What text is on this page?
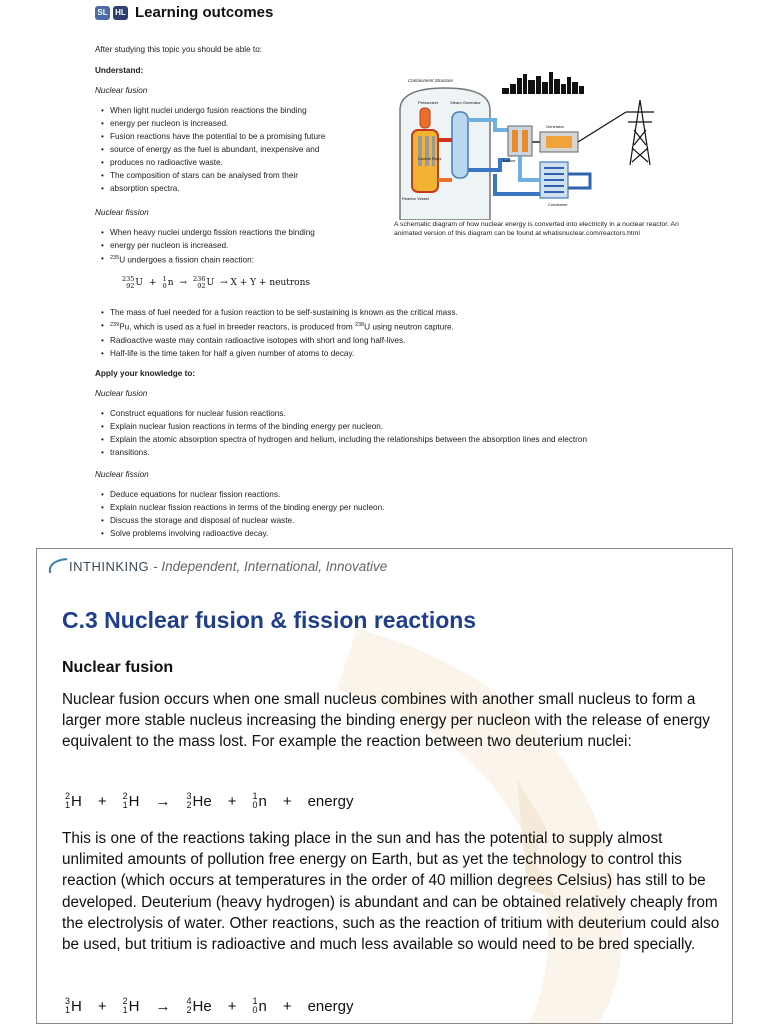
SL HL Learning outcomes
After studying this topic you should be able to:
Understand:
Nuclear fusion
• When light nuclei undergo fusion reactions the binding
• energy per nucleon is increased.
• Fusion reactions have the potential to be a promising future
• source of energy as the fuel is abundant, inexpensive and
• produces no radioactive waste.
• The composition of stars can be analysed from their
• absorption spectra.
Nuclear fission
• When heavy nuclei undergo fission reactions the binding
• energy per nucleon is increased.
• $^{235}$U undergoes a fission chain reaction:
235
92 U + 1
0 n → 236
92 U → X + Y + neutrons
• The mass of fuel needed for a fusion reaction to be self-sustaining is known as the critical mass.
• $^{239}$Pu, which is used as a fuel in breeder reactors, is produced from $^{238}$U using neutron capture.
• Radioactive waste may contain radioactive isotopes with short and long half-lives.
• Half-life is the time taken for half a given number of atoms to decay.
Apply your knowledge to:
Nuclear fusion
• Construct equations for nuclear fusion reactions.
• Explain nuclear fusion reactions in terms of the binding energy per nucleon.
• Explain the atomic absorption spectra of hydrogen and helium, including the relationships between the absorption lines and electron
• transitions.
Nuclear fission
• Deduce equations for nuclear fission reactions.
• Explain nuclear fission reactions in terms of the binding energy per nucleon.
• Discuss the storage and disposal of nuclear waste.
• Solve problems involving radioactive decay.
Containment Structure
Pressurizer	Steam Generator
Generator
Turbine
Control Rods
Reactor Vessel
Condenser
A schematic diagram of how nuclear energy is converted into electricity in a nuclear reactor. An animated version of this diagram can be found at whatisnuclear.com/reactors.html
INTHINKING - Independent, International, Innovative
C.3 Nuclear fusion & fission reactions
Nuclear fusion
Nuclear fusion occurs when one small nucleus combines with another small nucleus to form a larger more stable nucleus increasing the binding energy per nucleon with the release of energy equivalent to the mass lost. For example the reaction between two deuterium nuclei:
2
1 H + 2
1 H → 3
2 He + 1
0 n + energy
This is one of the reactions taking place in the sun and has the potential to supply almost unlimited amounts of pollution free energy on Earth, but as yet the technology to control this reaction (which occurs at temperatures in the order of 40 million degrees Celsius) has still to be developed. Deuterium (heavy hydrogen) is abundant and can be obtained relatively cheaply from the electrolysis of water. Other reactions, such as the reaction of tritium with deuterium could also be used, but tritium is radioactive and much less available so would need to be bred specially.
3
1 H + 2
1 H → 4
2 He + 1
0 n + energy
